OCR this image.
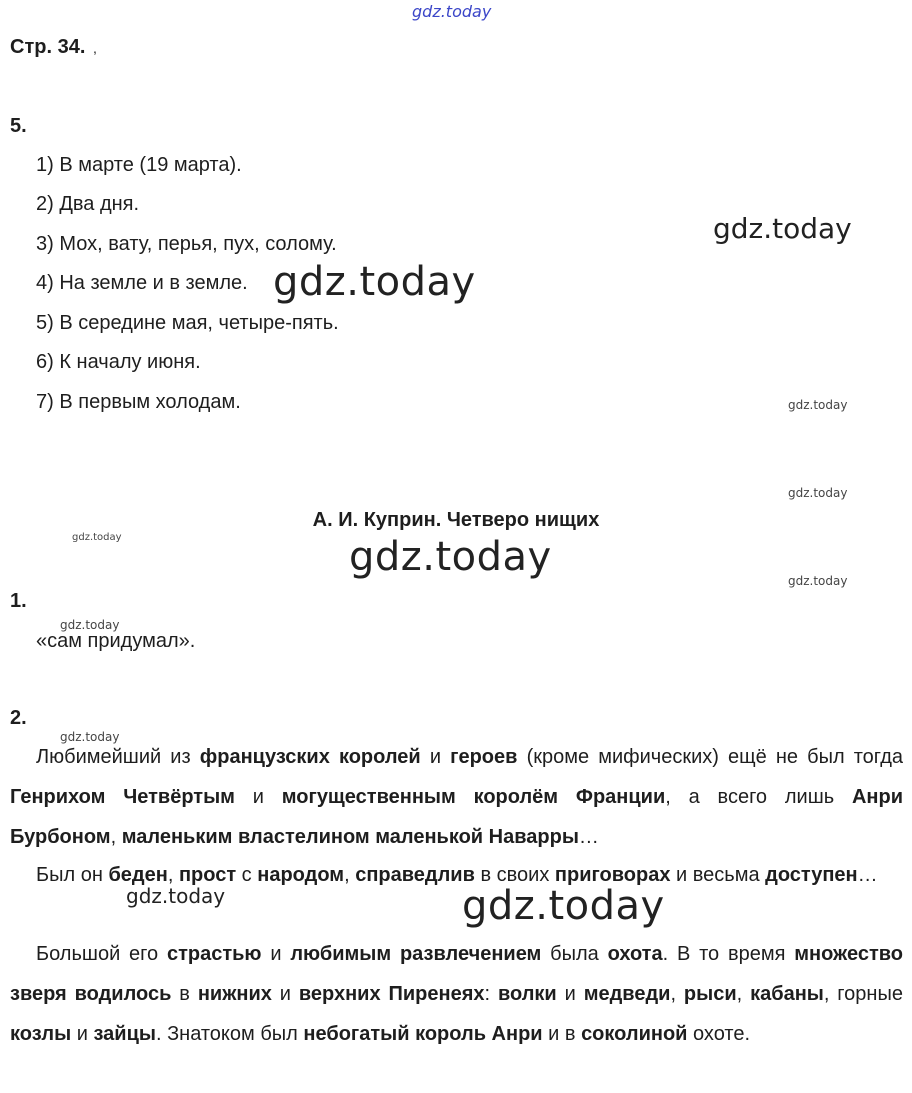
gdz.today
Стр. 34. ,
5.
1) В марте (19 марта).
2) Два дня.
3) Мох, вату, перья, пух, солому.
4) На земле и в земле.
5) В середине мая, четыре-пять.
6) К началу июня.
7) В первым холодам.
gdz.today
gdz.today
gdz.today
gdz.today
gdz.today
gdz.today
А. И. Куприн. Четверо нищих
gdz.today
1.
gdz.today
«сам придумал».
2.
gdz.today
Любимейший из французских королей и героев (кроме мифических) ещё не был тогда Генрихом Четвёртым и могущественным королём Франции, а всего лишь Анри Бурбоном, маленьким властелином маленькой Наварры…
Был он беден, прост с народом, справедлив в своих приговорах и весьма доступен…
gdz.today	gdz.today
Большой его страстью и любимым развлечением была охота. В то время множество зверя водилось в нижних и верхних Пиренеях: волки и медведи, рыси, кабаны, горные козлы и зайцы. Знатоком был небогатый король Анри и в соколиной охоте.
